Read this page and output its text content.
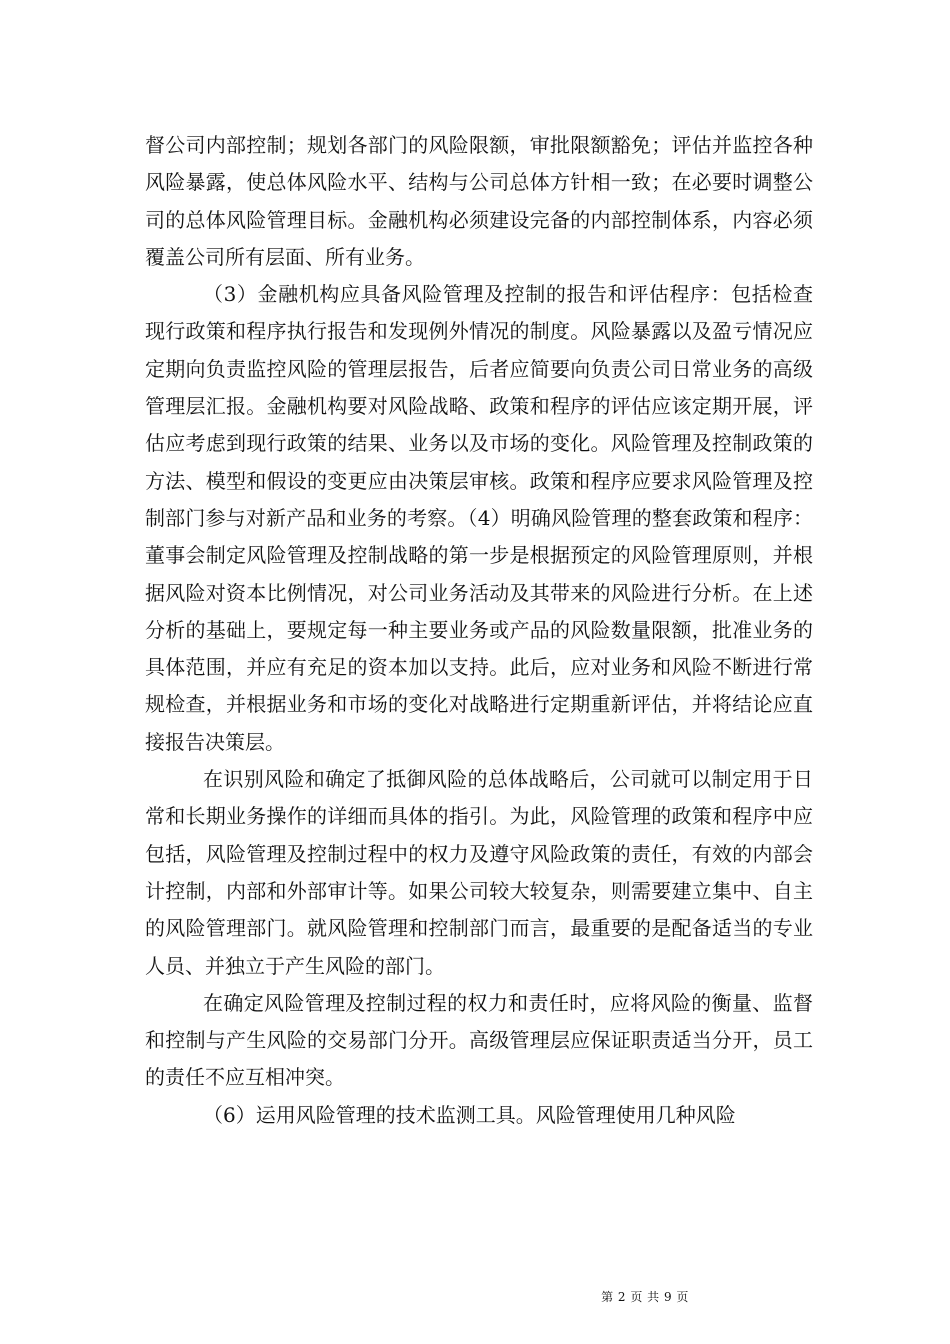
督公司内部控制；规划各部门的风险限额，审批限额豁免；评估并监控各种风险暴露，使总体风险水平、结构与公司总体方针相一致；在必要时调整公司的总体风险管理目标。金融机构必须建设完备的内部控制体系，内容必须覆盖公司所有层面、所有业务。

（3）金融机构应具备风险管理及控制的报告和评估程序：包括检查现行政策和程序执行报告和发现例外情况的制度。风险暴露以及盈亏情况应定期向负责监控风险的管理层报告，后者应简要向负责公司日常业务的高级管理层汇报。金融机构要对风险战略、政策和程序的评估应该定期开展，评估应考虑到现行政策的结果、业务以及市场的变化。风险管理及控制政策的方法、模型和假设的变更应由决策层审核。政策和程序应要求风险管理及控制部门参与对新产品和业务的考察。（4）明确风险管理的整套政策和程序：董事会制定风险管理及控制战略的第一步是根据预定的风险管理原则，并根据风险对资本比例情况，对公司业务活动及其带来的风险进行分析。在上述分析的基础上，要规定每一种主要业务或产品的风险数量限额，批准业务的具体范围，并应有充足的资本加以支持。此后，应对业务和风险不断进行常规检查，并根据业务和市场的变化对战略进行定期重新评估，并将结论应直接报告决策层。

在识别风险和确定了抵御风险的总体战略后，公司就可以制定用于日常和长期业务操作的详细而具体的指引。为此，风险管理的政策和程序中应包括，风险管理及控制过程中的权力及遵守风险政策的责任，有效的内部会计控制，内部和外部审计等。如果公司较大较复杂，则需要建立集中、自主的风险管理部门。就风险管理和控制部门而言，最重要的是配备适当的专业人员、并独立于产生风险的部门。

在确定风险管理及控制过程的权力和责任时，应将风险的衡量、监督和控制与产生风险的交易部门分开。高级管理层应保证职责适当分开，员工的责任不应互相冲突。

（6）运用风险管理的技术监测工具。风险管理使用几种风险

第 2 页 共 9 页
